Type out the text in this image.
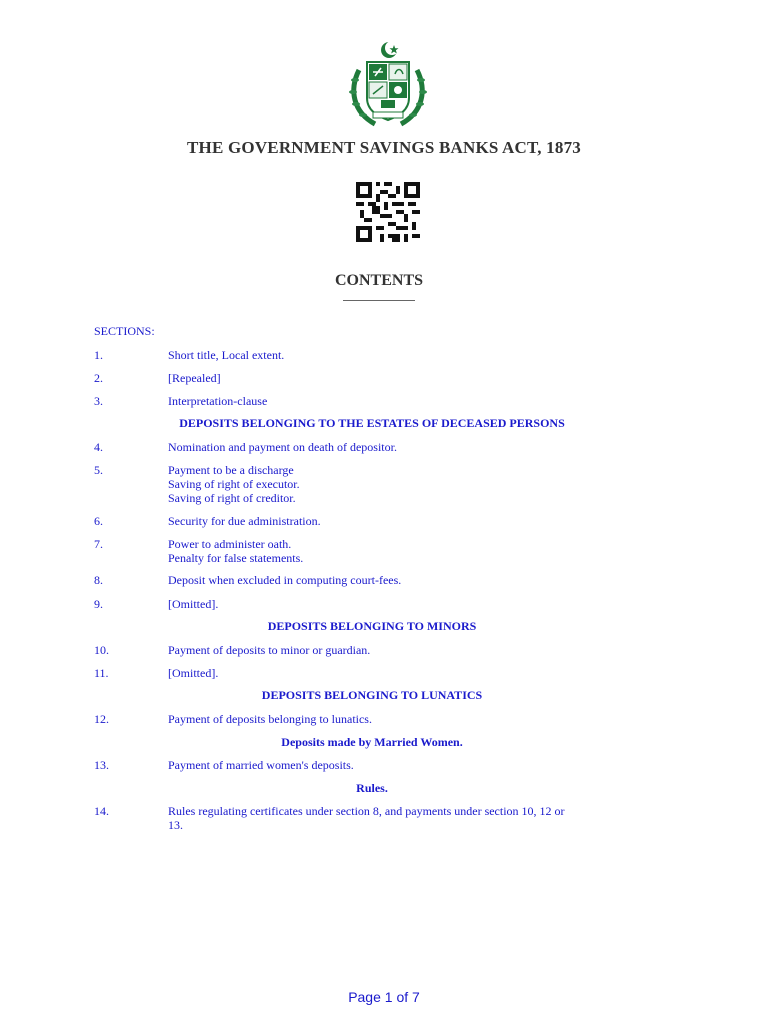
THE GOVERNMENT SAVINGS BANKS ACT, 1873
CONTENTS
SECTIONS:
1.	Short title, Local extent.
2.	[Repealed]
3.	Interpretation-clause
DEPOSITS BELONGING TO THE ESTATES OF DECEASED PERSONS
4.	Nomination and payment on death of depositor.
5.	Payment to be a discharge
Saving of right of executor.
Saving of right of creditor.
6.	Security for due administration.
7.	Power to administer oath.
Penalty for false statements.
8.	Deposit when excluded in computing court-fees.
9.	[Omitted].
DEPOSITS BELONGING TO MINORS
10.	Payment of deposits to minor or guardian.
11.	[Omitted].
DEPOSITS BELONGING TO LUNATICS
12.	Payment of deposits belonging to lunatics.
Deposits made by Married Women.
13.	Payment of married women's deposits.
Rules.
14.	Rules regulating certificates under section 8, and payments under section 10, 12 or 13.
Page 1 of 7
